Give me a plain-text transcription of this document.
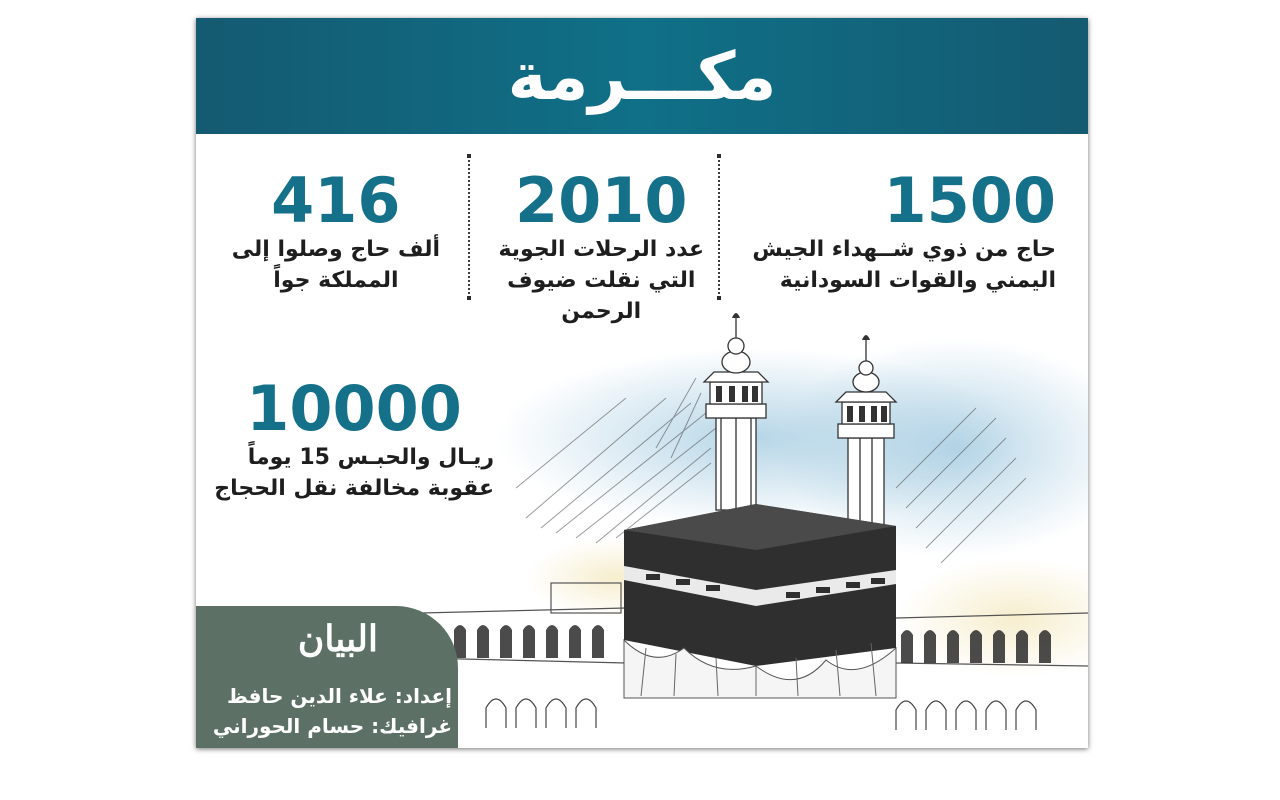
مكـــرمة
1500
حاج من ذوي شــهداء الجيش
اليمني والقوات السودانية
2010
عدد الرحلات الجوية
التي نقلت ضيوف
الرحمن
416
ألف حاج وصلوا إلى
المملكة جواً
10000
ريـال والحبـس 15 يوماً
عقوبة مخالفة نقل الحجاج
البيان
إعداد: علاء الدين حافظ
غرافيك: حسام الحوراني
